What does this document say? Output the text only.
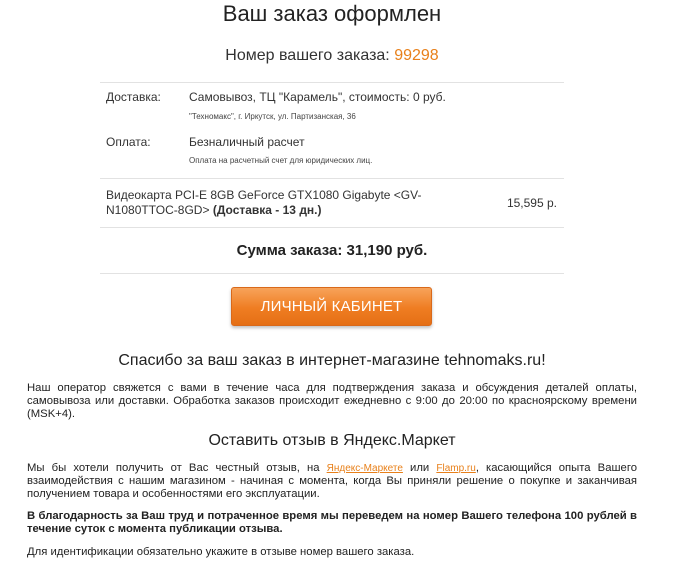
Ваш заказ оформлен
Номер вашего заказа: 99298
Доставка: Самовывоз, ТЦ "Карамель", стоимость: 0 руб.
"Техномакс", г. Иркутск, ул. Партизанская, 36
Оплата:	Безналичный расчет
Оплата на расчетный счет для юридических лиц.
Видеокарта PCI-E 8GB GeForce GTX1080 Gigabyte <GV-N1080TTOC-8GD> (Доставка - 13 дн.)	15,595 р.
Сумма заказа: 31,190 руб.
ЛИЧНЫЙ КАБИНЕТ
Спасибо за ваш заказ в интернет-магазине tehnomaks.ru!
Наш оператор свяжется с вами в течение часа для подтверждения заказа и обсуждения деталей оплаты, самовывоза или доставки. Обработка заказов происходит ежедневно с 9:00 до 20:00 по красноярскому времени (MSK+4).
Оставить отзыв в Яндекс.Маркет
Мы бы хотели получить от Вас честный отзыв, на Яндекс-Маркете или Flamp.ru, касающийся опыта Вашего взаимодействия с нашим магазином - начиная с момента, когда Вы приняли решение о покупке и заканчивая получением товара и особенностями его эксплуатации.
В благодарность за Ваш труд и потраченное время мы переведем на номер Вашего телефона 100 рублей в течение суток с момента публикации отзыва.
Для идентификации обязательно укажите в отзыве номер вашего заказа.
